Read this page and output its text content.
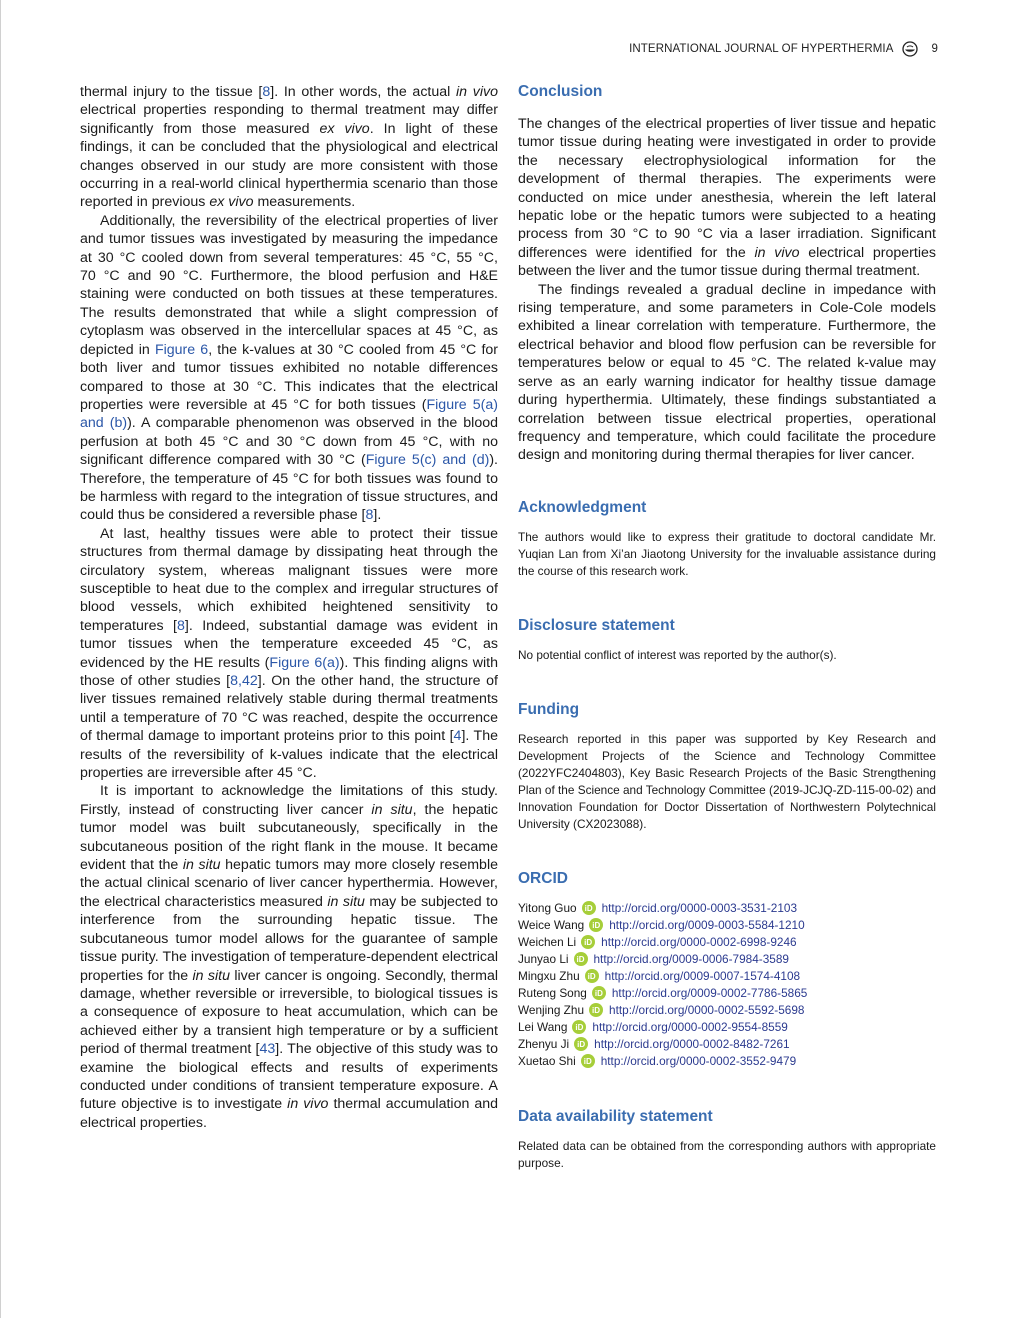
INTERNATIONAL JOURNAL OF HYPERTHERMIA	9

thermal injury to the tissue [8]. In other words, the actual in vivo electrical properties responding to thermal treatment may differ significantly from those measured ex vivo. In light of these findings, it can be concluded that the physiological and electrical changes observed in our study are more consistent with those occurring in a real-world clinical hyperthermia scenario than those reported in previous ex vivo measurements.

Additionally, the reversibility of the electrical properties of liver and tumor tissues was investigated by measuring the impedance at 30 °C cooled down from several temperatures: 45 °C, 55 °C, 70 °C and 90 °C. Furthermore, the blood perfusion and H&E staining were conducted on both tissues at these temperatures. The results demonstrated that while a slight compression of cytoplasm was observed in the intercellular spaces at 45 °C, as depicted in Figure 6, the k-values at 30 °C cooled from 45 °C for both liver and tumor tissues exhibited no notable differences compared to those at 30 °C. This indicates that the electrical properties were reversible at 45 °C for both tissues (Figure 5(a) and (b)). A comparable phenomenon was observed in the blood perfusion at both 45 °C and 30 °C down from 45 °C, with no significant difference compared with 30 °C (Figure 5(c) and (d)). Therefore, the temperature of 45 °C for both tissues was found to be harmless with regard to the integration of tissue structures, and could thus be considered a reversible phase [8].

At last, healthy tissues were able to protect their tissue structures from thermal damage by dissipating heat through the circulatory system, whereas malignant tissues were more susceptible to heat due to the complex and irregular structures of blood vessels, which exhibited heightened sensitivity to temperatures [8]. Indeed, substantial damage was evident in tumor tissues when the temperature exceeded 45 °C, as evidenced by the HE results (Figure 6(a)). This finding aligns with those of other studies [8,42]. On the other hand, the structure of liver tissues remained relatively stable during thermal treatments until a temperature of 70 °C was reached, despite the occurrence of thermal damage to important proteins prior to this point [4]. The results of the reversibility of k-values indicate that the electrical properties are irreversible after 45 °C.

It is important to acknowledge the limitations of this study. Firstly, instead of constructing liver cancer in situ, the hepatic tumor model was built subcutaneously, specifically in the subcutaneous position of the right flank in the mouse. It became evident that the in situ hepatic tumors may more closely resemble the actual clinical scenario of liver cancer hyperthermia. However, the electrical characteristics measured in situ may be subjected to interference from the surrounding hepatic tissue. The subcutaneous tumor model allows for the guarantee of sample tissue purity. The investigation of temperature-dependent electrical properties for the in situ liver cancer is ongoing. Secondly, thermal damage, whether reversible or irreversible, to biological tissues is a consequence of exposure to heat accumulation, which can be achieved either by a transient high temperature or by a sufficient period of thermal treatment [43]. The objective of this study was to examine the biological effects and results of experiments conducted under conditions of transient temperature exposure. A future objective is to investigate in vivo thermal accumulation and electrical properties.

Conclusion

The changes of the electrical properties of liver tissue and hepatic tumor tissue during heating were investigated in order to provide the necessary electrophysiological information for the development of thermal therapies. The experiments were conducted on mice under anesthesia, wherein the left lateral hepatic lobe or the hepatic tumors were subjected to a heating process from 30 °C to 90 °C via a laser irradiation. Significant differences were identified for the in vivo electrical properties between the liver and the tumor tissue during thermal treatment.

The findings revealed a gradual decline in impedance with rising temperature, and some parameters in Cole-Cole models exhibited a linear correlation with temperature. Furthermore, the electrical behavior and blood flow perfusion can be reversible for temperatures below or equal to 45 °C. The related k-value may serve as an early warning indicator for healthy tissue damage during hyperthermia. Ultimately, these findings substantiated a correlation between tissue electrical properties, operational frequency and temperature, which could facilitate the procedure design and monitoring during thermal therapies for liver cancer.

Acknowledgment

The authors would like to express their gratitude to doctoral candidate Mr. Yuqian Lan from Xi’an Jiaotong University for the invaluable assistance during the course of this research work.

Disclosure statement

No potential conflict of interest was reported by the author(s).

Funding

Research reported in this paper was supported by Key Research and Development Projects of the Science and Technology Committee (2022YFC2404803), Key Basic Research Projects of the Basic Strengthening Plan of the Science and Technology Committee (2019-JCJQ-ZD-115-00-02) and Innovation Foundation for Doctor Dissertation of Northwestern Polytechnical University (CX2023088).

ORCID
Yitong Guo	iD http://orcid.org/0000-0003-3531-2103
Weice Wang	iD http://orcid.org/0009-0003-5584-1210
Weichen Li	iD http://orcid.org/0000-0002-6998-9246
Junyao Li	iD http://orcid.org/0009-0006-7984-3589
Mingxu Zhu	iD http://orcid.org/0009-0007-1574-4108
Ruteng Song	iD http://orcid.org/0009-0002-7786-5865
Wenjing Zhu	iD http://orcid.org/0000-0002-5592-5698
Lei Wang	iD http://orcid.org/0000-0002-9554-8559
Zhenyu Ji	iD http://orcid.org/0000-0002-8482-7261
Xuetao Shi	iD http://orcid.org/0000-0002-3552-9479
Data availability statement

Related data can be obtained from the corresponding authors with appropriate purpose.
